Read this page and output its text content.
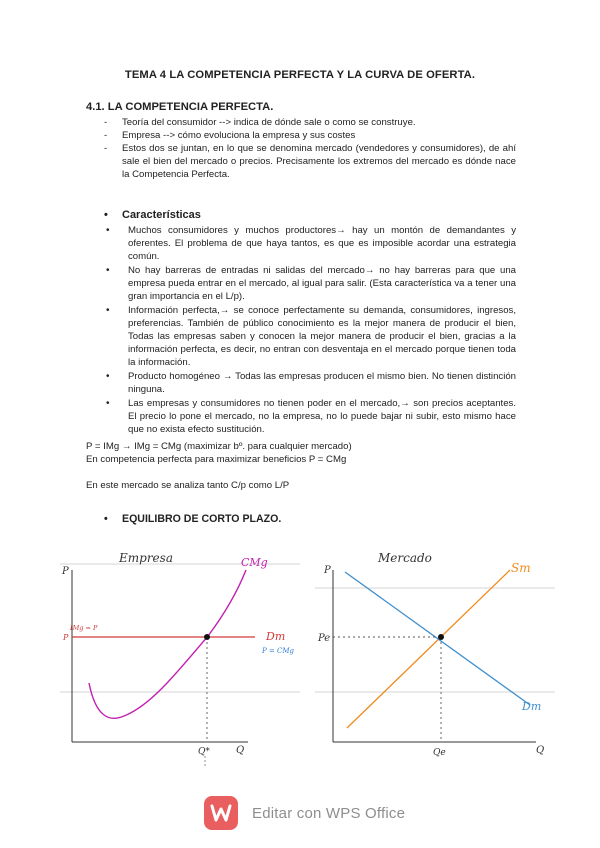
TEMA 4 LA COMPETENCIA PERFECTA Y LA CURVA DE OFERTA.
4.1. LA COMPETENCIA PERFECTA.
- Teoría del consumidor --> indica de dónde sale o como se construye.
- Empresa --> cómo evoluciona la empresa y sus costes
- Estos dos se juntan, en lo que se denomina mercado (vendedores y consumidores), de ahí sale el bien del mercado o precios. Precisamente los extremos del mercado es dónde nace la Competencia Perfecta.
• Características
• Muchos consumidores y muchos productores→ hay un montón de demandantes y oferentes. El problema de que haya tantos, es que es imposible acordar una estrategia común.
• No hay barreras de entradas ni salidas del mercado→ no hay barreras para que una empresa pueda entrar en el mercado, al igual para salir. (Esta característica va a tener una gran importancia en el L/p).
• Información perfecta,→ se conoce perfectamente su demanda, consumidores, ingresos, preferencias. También de público conocimiento es la mejor manera de producir el bien, Todas las empresas saben y conocen la mejor manera de producir el bien, gracias a la información perfecta, es decir, no entran con desventaja en el mercado porque tienen toda la información.
• Producto homogéneo → Todas las empresas producen el mismo bien. No tienen distinción ninguna.
• Las empresas y consumidores no tienen poder en el mercado,→ son precios aceptantes. El precio lo pone el mercado, no la empresa, no lo puede bajar ni subir, esto mismo hace que no exista efecto sustitución.
P = IMg → IMg = CMg (maximizar bº. para cualquier mercado)
En competencia perfecta para maximizar beneficios P = CMg
En este mercado se analiza tanto C/p como L/P
• EQUILIBRO DE CORTO PLAZO.
Empresa
P
Q
P
IMg = P
CMg
Dm
P = CMg
Q*
Mercado
P
Q
Pe
Qe
Sm
Dm
Editar con WPS Office
